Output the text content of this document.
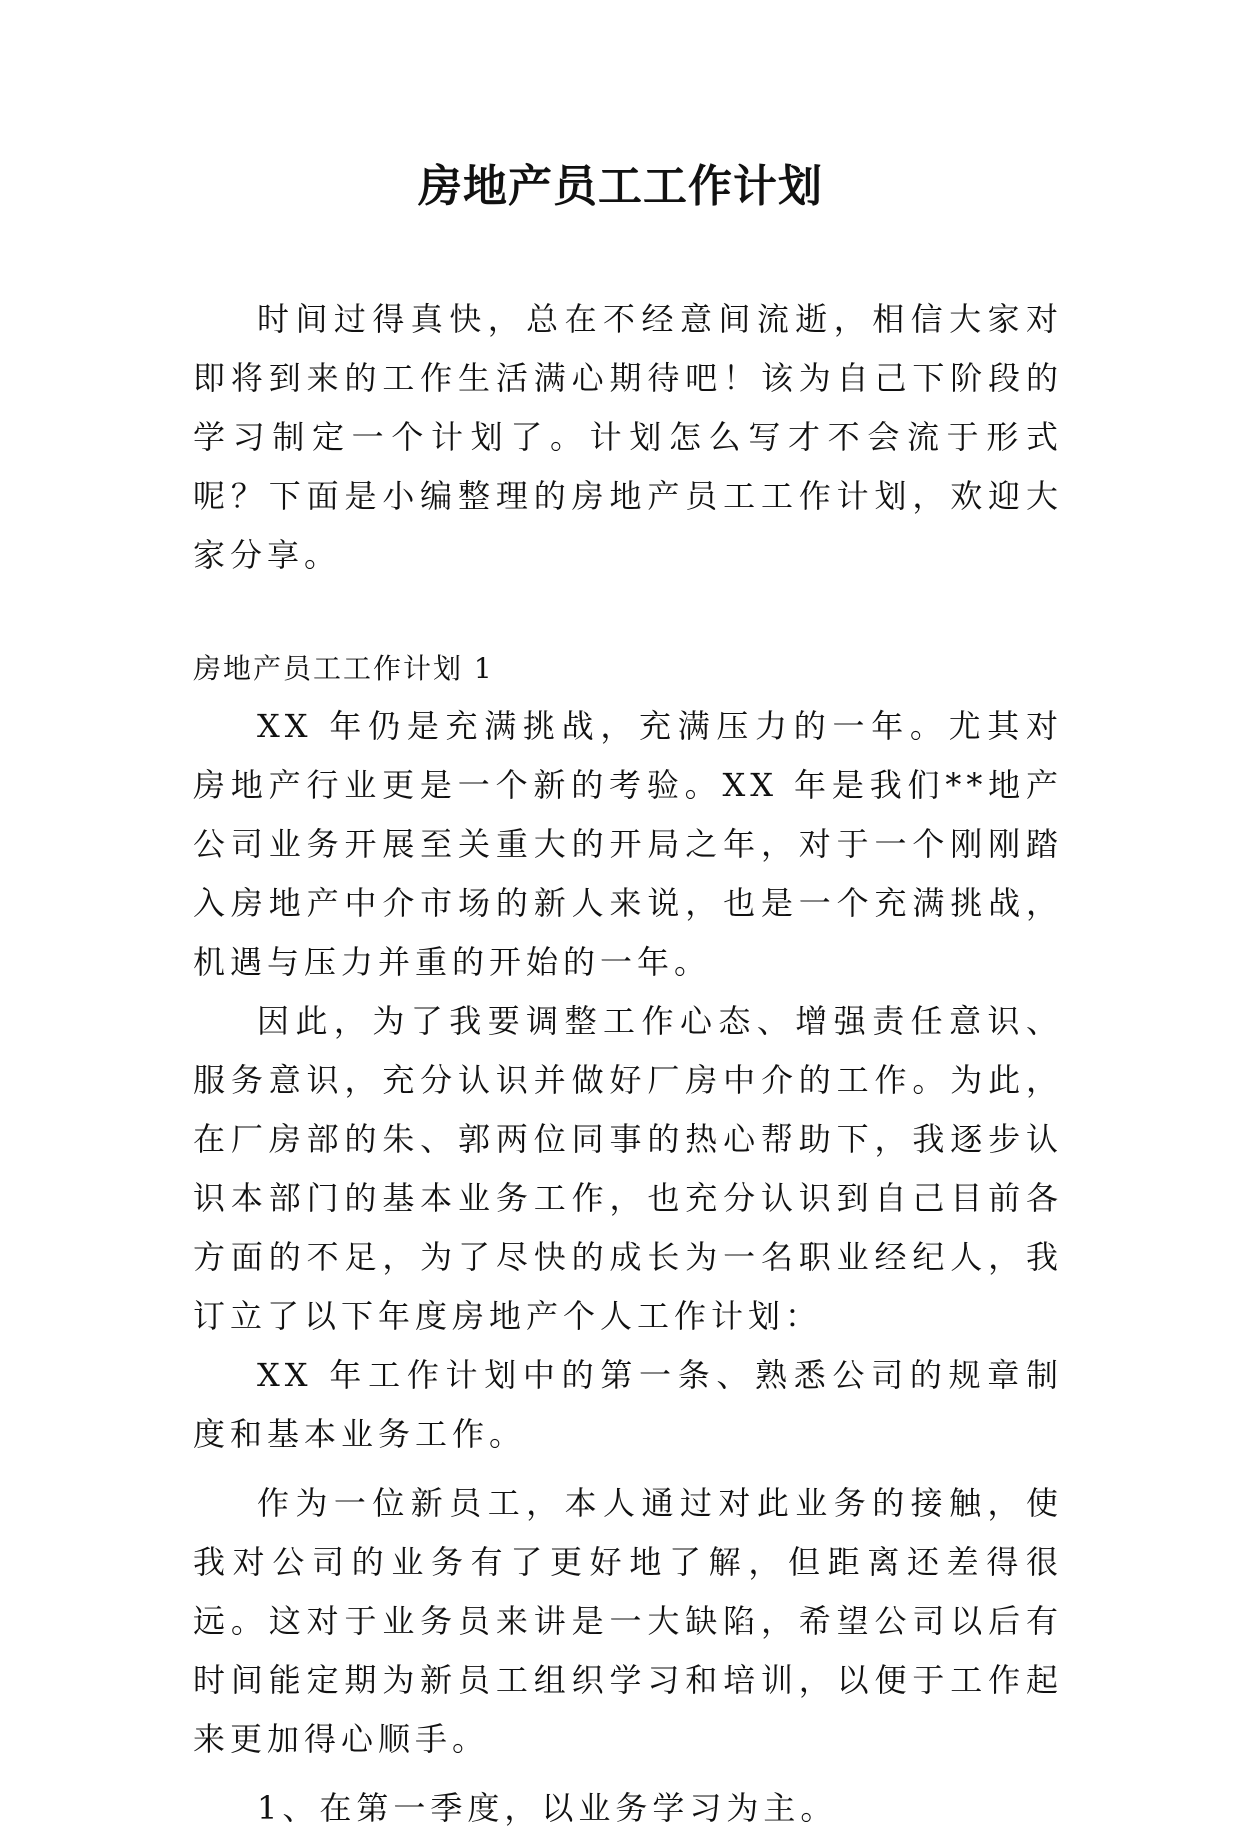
房地产员工工作计划

时间过得真快，总在不经意间流逝，相信大家对即将到来的工作生活满心期待吧！该为自己下阶段的学习制定一个计划了。计划怎么写才不会流于形式呢？下面是小编整理的房地产员工工作计划，欢迎大家分享。

房地产员工工作计划 1

XX 年仍是充满挑战，充满压力的一年。尤其对房地产行业更是一个新的考验。XX 年是我们**地产公司业务开展至关重大的开局之年，对于一个刚刚踏入房地产中介市场的新人来说，也是一个充满挑战，机遇与压力并重的开始的一年。

因此，为了我要调整工作心态、增强责任意识、服务意识，充分认识并做好厂房中介的工作。为此，在厂房部的朱、郭两位同事的热心帮助下，我逐步认识本部门的基本业务工作，也充分认识到自己目前各方面的不足，为了尽快的成长为一名职业经纪人，我订立了以下年度房地产个人工作计划：

XX 年工作计划中的第一条、熟悉公司的规章制度和基本业务工作。

作为一位新员工，本人通过对此业务的接触，使我对公司的业务有了更好地了解，但距离还差得很远。这对于业务员来讲是一大缺陷，希望公司以后有时间能定期为新员工组织学习和培训，以便于工作起来更加得心顺手。

1、在第一季度，以业务学习为主。
